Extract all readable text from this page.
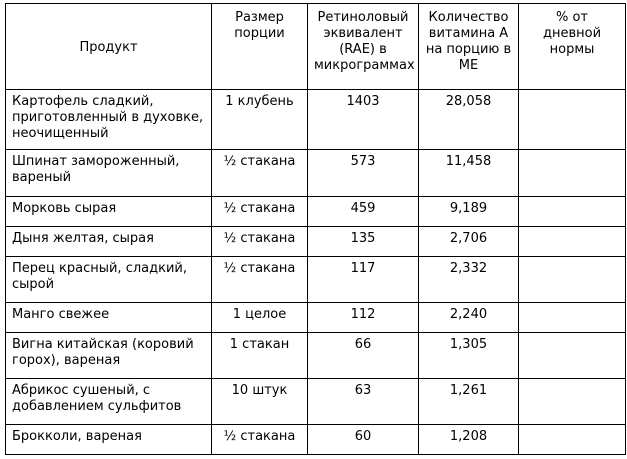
Продукт	Размер порции	Ретиноловый эквивалент (RAE) в микрограммах	Количество витамина А на порцию в МЕ	% от дневной нормы
Картофель сладкий, приготовленный в духовке, неочищенный	1 клубень	1403	28,058	
Шпинат замороженный, вареный	½ стакана	573	11,458	
Морковь сырая	½ стакана	459	9,189	
Дыня желтая, сырая	½ стакана	135	2,706	
Перец красный, сладкий, сырой	½ стакана	117	2,332	
Манго свежее	1 целое	112	2,240	
Вигна китайская (коровий горох), вареная	1 стакан	66	1,305	
Абрикос сушеный, с добавлением сульфитов	10 штук	63	1,261	
Брокколи, вареная	½ стакана	60	1,208	
